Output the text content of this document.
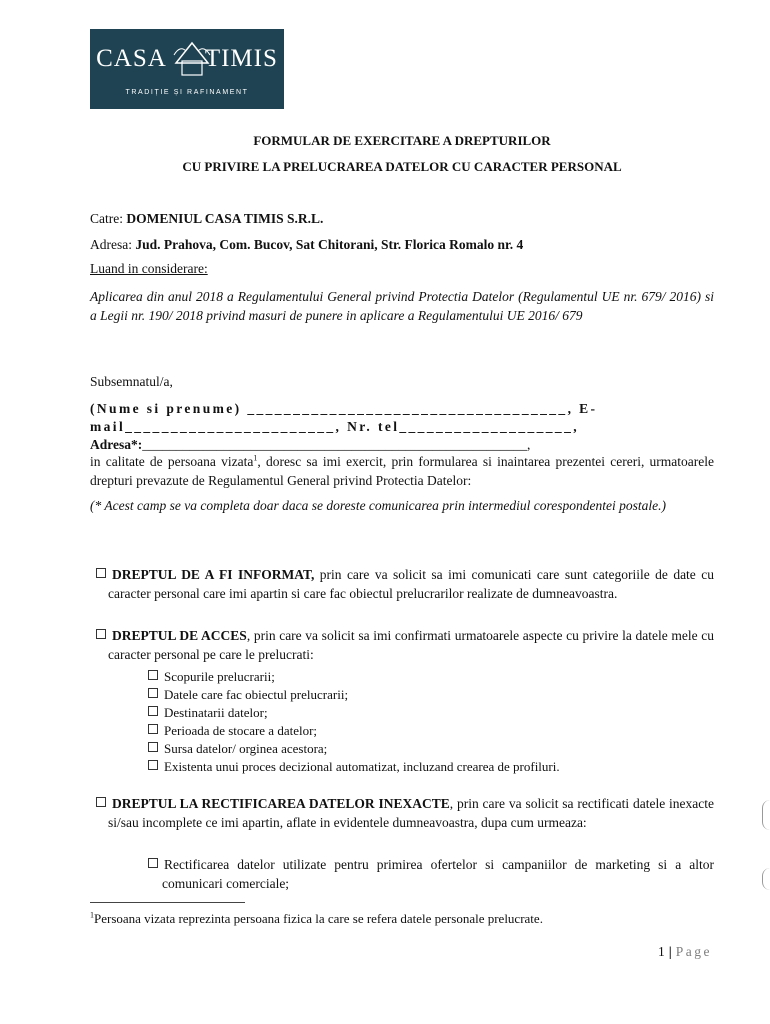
CASA TIMIS
TRADIȚIE ȘI RAFINAMENT
FORMULAR DE EXERCITARE A DREPTURILOR
CU PRIVIRE LA PRELUCRAREA DATELOR CU CARACTER PERSONAL
Catre: DOMENIUL CASA TIMIS S.R.L.
Adresa: Jud. Prahova, Com. Bucov, Sat Chitorani, Str. Florica Romalo nr. 4
Luand in considerare:
Aplicarea din anul 2018 a Regulamentului General privind Protectia Datelor (Regulamentul UE nr. 679/ 2016) si a Legii nr. 190/ 2018 privind masuri de punere in aplicare a Regulamentului UE 2016/ 679
Subsemnatul/a,
(Nume si prenume) ___________________________________, E-
mail_______________________, Nr. tel___________________,
Adresa*:_________________________________________________________,
in calitate de persoana vizata$^1$, doresc sa imi exercit, prin formularea si inaintarea prezentei cereri, urmatoarele drepturi prevazute de Regulamentul General privind Protectia Datelor:
(* Acest camp se va completa doar daca se doreste comunicarea prin intermediul corespondentei postale.)
DREPTUL DE A FI INFORMAT, prin care va solicit sa imi comunicati care sunt categoriile de date cu caracter personal care imi apartin si care fac obiectul prelucrarilor realizate de dumneavoastra.
DREPTUL DE ACCES, prin care va solicit sa imi confirmati urmatoarele aspecte cu privire la datele mele cu caracter personal pe care le prelucrati:
Scopurile prelucrarii;
Datele care fac obiectul prelucrarii;
Destinatarii datelor;
Perioada de stocare a datelor;
Sursa datelor/ orginea acestora;
Existenta unui proces decizional automatizat, incluzand crearea de profiluri.
DREPTUL LA RECTIFICAREA DATELOR INEXACTE, prin care va solicit sa rectificati datele inexacte si/sau incomplete ce imi apartin, aflate in evidentele dumneavoastra, dupa cum urmeaza:
Rectificarea datelor utilizate pentru primirea ofertelor si campaniilor de marketing si a altor comunicari comerciale;
$^1$Persoana vizata reprezinta persoana fizica la care se refera datele personale prelucrate.
1 | Page
